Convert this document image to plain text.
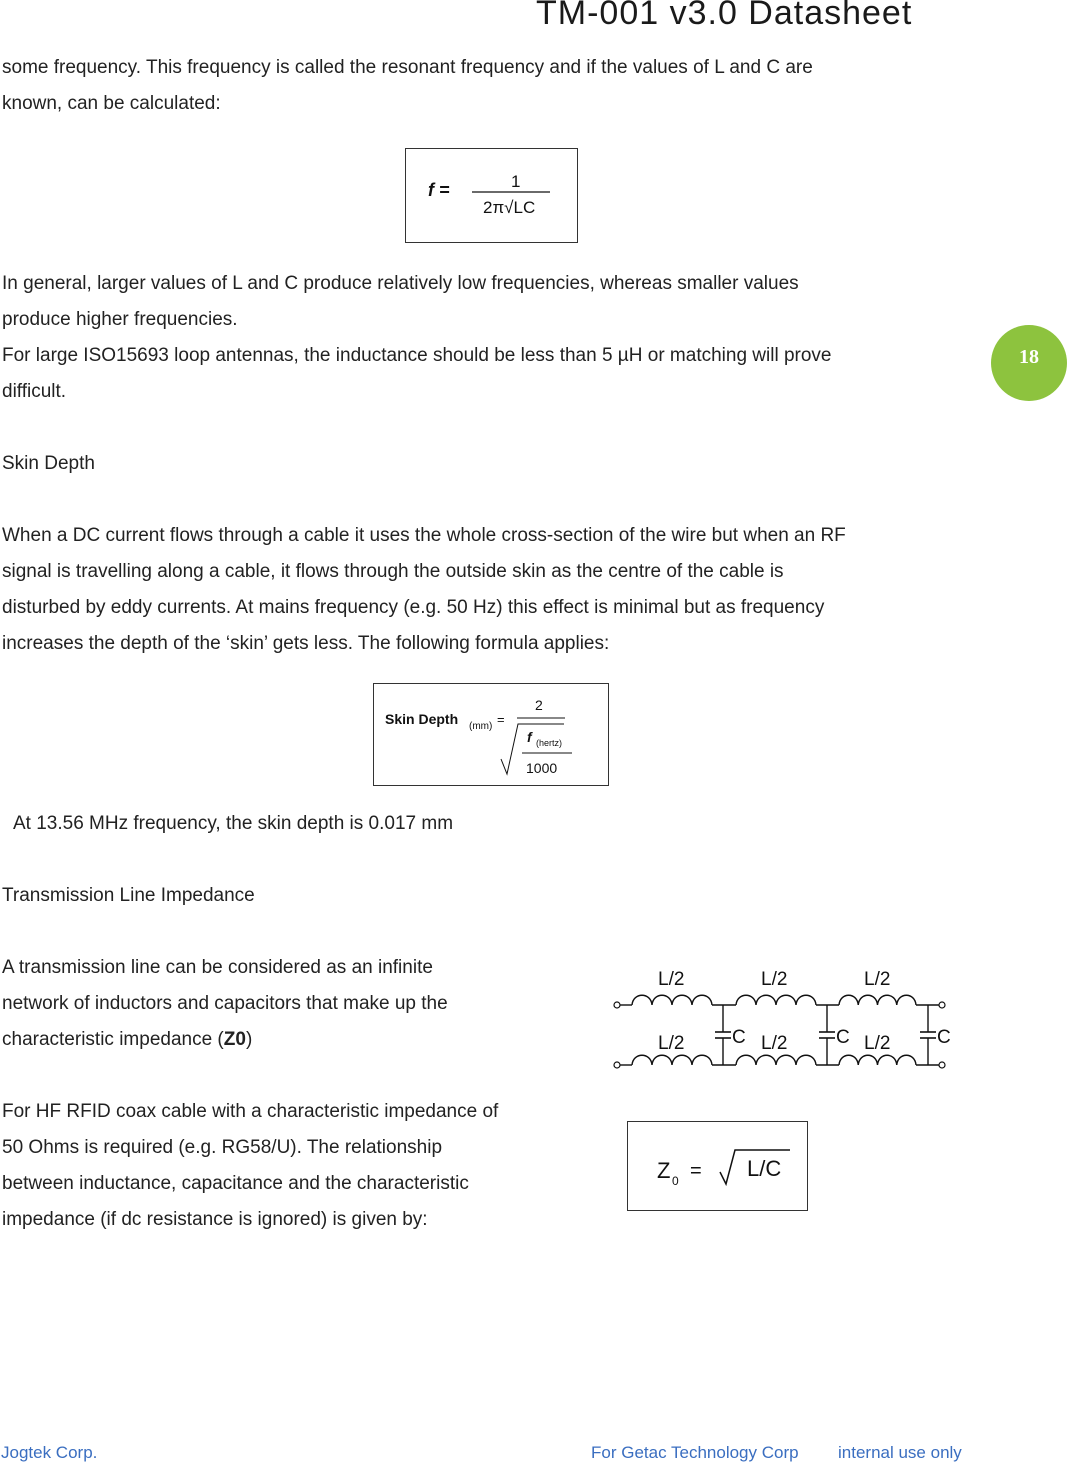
TM-001 v3.0 Datasheet
18
some frequency. This frequency is called the resonant frequency and if the values of L and C are
known, can be calculated:
f =	1
2π√LC
In general, larger values of L and C produce relatively low frequencies, whereas smaller values
produce higher frequencies.
For large ISO15693 loop antennas, the inductance should be less than 5 µH or matching will prove
difficult.
Skin Depth
When a DC current flows through a cable it uses the whole cross-section of the wire but when an RF
signal is travelling along a cable, it flows through the outside skin as the centre of the cable is
disturbed by eddy currents. At mains frequency (e.g. 50 Hz) this effect is minimal but as frequency
increases the depth of the ‘skin’ gets less. The following formula applies:
Skin Depth (mm) =
2
f (hertz)
1000
At 13.56 MHz frequency, the skin depth is 0.017 mm
Transmission Line Impedance
A transmission line can be considered as an infinite
network of inductors and capacitors that make up the
characteristic impedance (Z0)
For HF RFID coax cable with a characteristic impedance of
50 Ohms is required (e.g. RG58/U). The relationship
between inductance, capacitance and the characteristic
impedance (if dc resistance is ignored) is given by:
L/2
L/2
L/2
L/2
L/2
L/2
C	C	C
Z 0 = L/C
Jogtek Corp.	For Getac Technology Corp internal use only
